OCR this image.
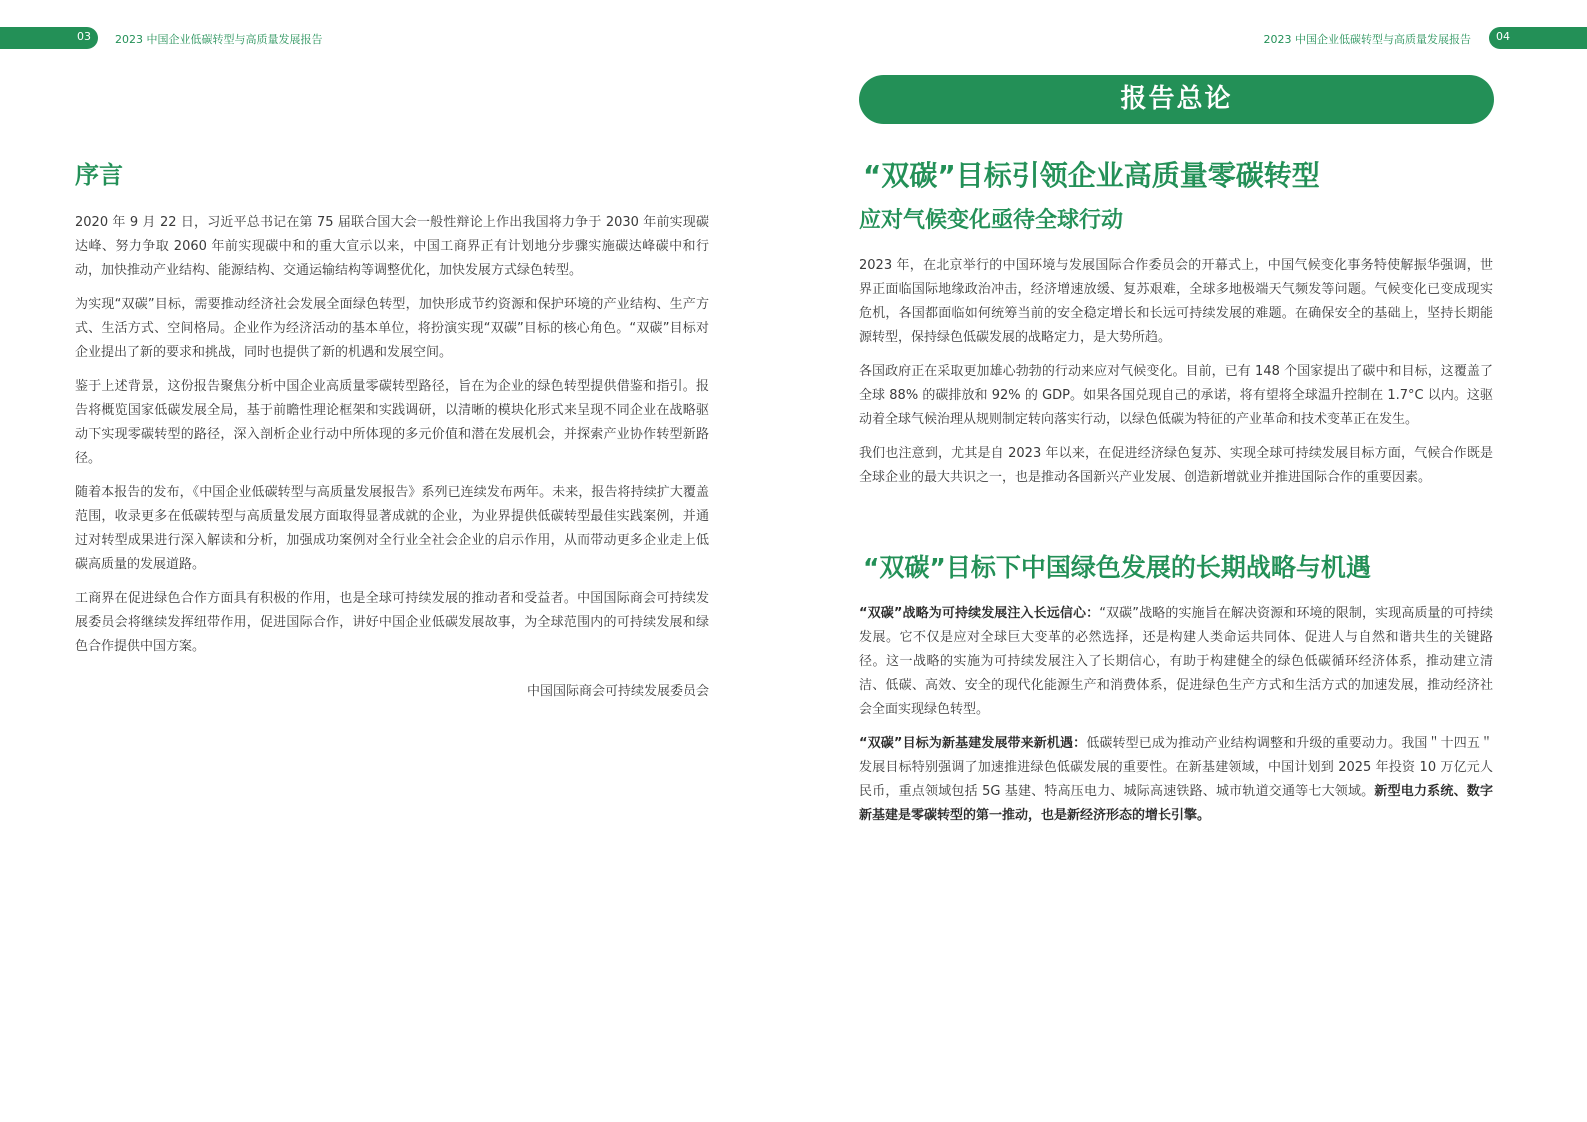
03 2023 中国企业低碳转型与高质量发展报告	2023 中国企业低碳转型与高质量发展报告 04
序言

2020 年 9 月 22 日，习近平总书记在第 75 届联合国大会一般性辩论上作出我国将力争于 2030 年前实现碳达峰、努力争取 2060 年前实现碳中和的重大宣示以来，中国工商界正有计划地分步骤实施碳达峰碳中和行动，加快推动产业结构、能源结构、交通运输结构等调整优化，加快发展方式绿色转型。

为实现“双碳”目标，需要推动经济社会发展全面绿色转型，加快形成节约资源和保护环境的产业结构、生产方式、生活方式、空间格局。企业作为经济活动的基本单位，将扮演实现“双碳”目标的核心角色。“双碳”目标对企业提出了新的要求和挑战，同时也提供了新的机遇和发展空间。

鉴于上述背景，这份报告聚焦分析中国企业高质量零碳转型路径，旨在为企业的绿色转型提供借鉴和指引。报告将概览国家低碳发展全局，基于前瞻性理论框架和实践调研，以清晰的模块化形式来呈现不同企业在战略驱动下实现零碳转型的路径，深入剖析企业行动中所体现的多元价值和潜在发展机会，并探索产业协作转型新路径。

随着本报告的发布，《中国企业低碳转型与高质量发展报告》系列已连续发布两年。未来，报告将持续扩大覆盖范围，收录更多在低碳转型与高质量发展方面取得显著成就的企业，为业界提供低碳转型最佳实践案例，并通过对转型成果进行深入解读和分析，加强成功案例对全行业全社会企业的启示作用，从而带动更多企业走上低碳高质量的发展道路。

工商界在促进绿色合作方面具有积极的作用，也是全球可持续发展的推动者和受益者。中国国际商会可持续发展委员会将继续发挥纽带作用，促进国际合作，讲好中国企业低碳发展故事，为全球范围内的可持续发展和绿色合作提供中国方案。

中国国际商会可持续发展委员会
报告总论
“双碳”目标引领企业高质量零碳转型
应对气候变化亟待全球行动

2023 年，在北京举行的中国环境与发展国际合作委员会的开幕式上，中国气候变化事务特使解振华强调，世界正面临国际地缘政治冲击，经济增速放缓、复苏艰难，全球多地极端天气频发等问题。气候变化已变成现实危机，各国都面临如何统筹当前的安全稳定增长和长远可持续发展的难题。在确保安全的基础上，坚持长期能源转型，保持绿色低碳发展的战略定力，是大势所趋。

各国政府正在采取更加雄心勃勃的行动来应对气候变化。目前，已有 148 个国家提出了碳中和目标，这覆盖了全球 88% 的碳排放和 92% 的 GDP。如果各国兑现自己的承诺，将有望将全球温升控制在 1.7°C 以内。这驱动着全球气候治理从规则制定转向落实行动，以绿色低碳为特征的产业革命和技术变革正在发生。

我们也注意到，尤其是自 2023 年以来，在促进经济绿色复苏、实现全球可持续发展目标方面，气候合作既是全球企业的最大共识之一，也是推动各国新兴产业发展、创造新增就业并推进国际合作的重要因素。

“双碳”目标下中国绿色发展的长期战略与机遇

“双碳”战略为可持续发展注入长远信心：“双碳”战略的实施旨在解决资源和环境的限制，实现高质量的可持续发展。它不仅是应对全球巨大变革的必然选择，还是构建人类命运共同体、促进人与自然和谐共生的关键路径。这一战略的实施为可持续发展注入了长期信心，有助于构建健全的绿色低碳循环经济体系，推动建立清洁、低碳、高效、安全的现代化能源生产和消费体系，促进绿色生产方式和生活方式的加速发展，推动经济社会全面实现绿色转型。

“双碳”目标为新基建发展带来新机遇：低碳转型已成为推动产业结构调整和升级的重要动力。我国＂十四五＂发展目标特别强调了加速推进绿色低碳发展的重要性。在新基建领域，中国计划到 2025 年投资 10 万亿元人民币，重点领域包括 5G 基建、特高压电力、城际高速铁路、城市轨道交通等七大领域。新型电力系统、数字新基建是零碳转型的第一推动，也是新经济形态的增长引擎。
